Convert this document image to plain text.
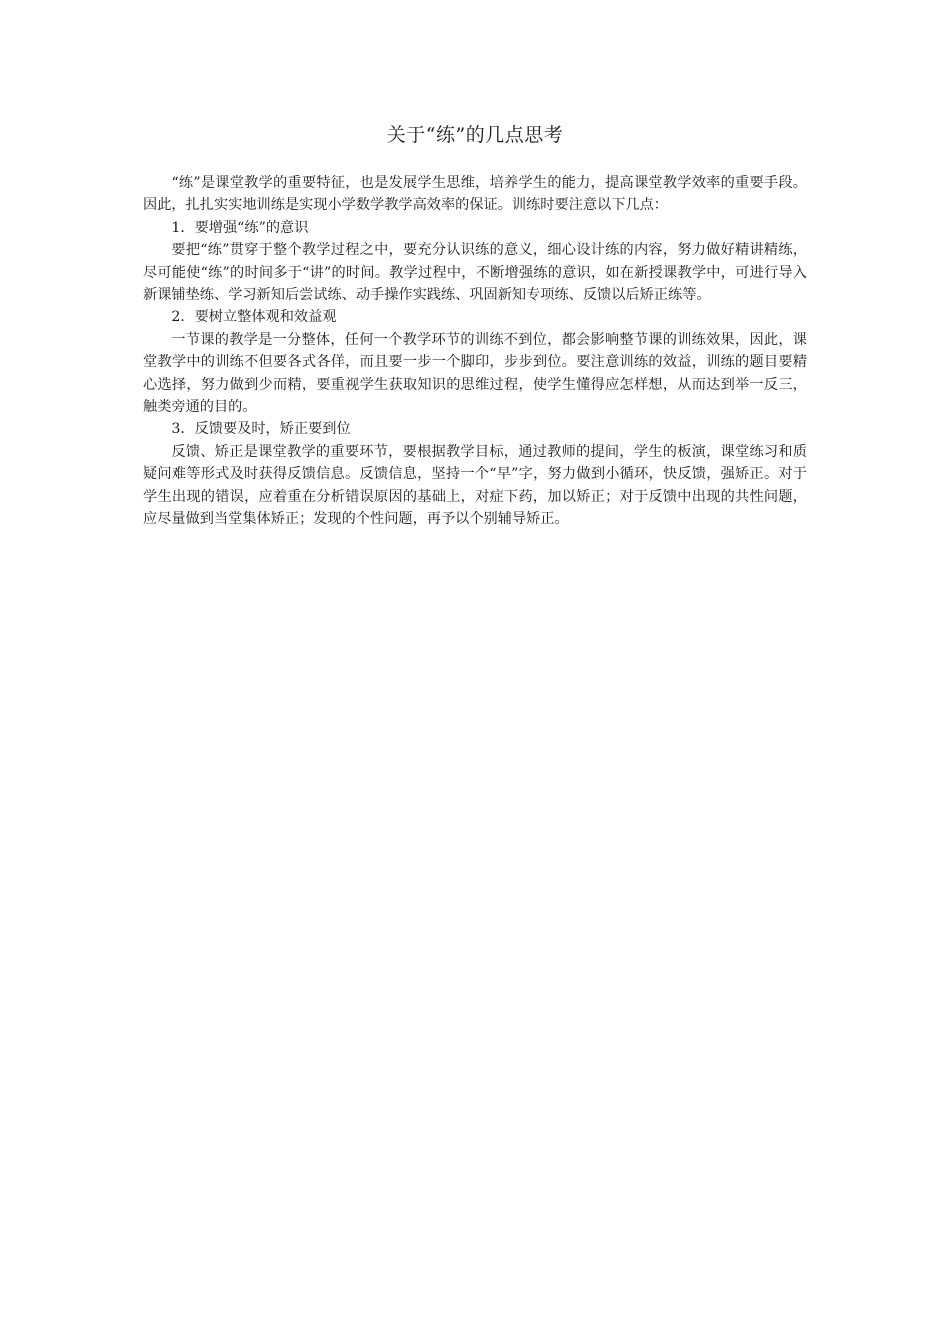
关于“练”的几点思考

“练”是课堂教学的重要特征，也是发展学生思维，培养学生的能力，提高课堂教学效率的重要手段。因此，扎扎实实地训练是实现小学数学教学高效率的保证。训练时要注意以下几点：

1．要增强“练”的意识

要把“练”贯穿于整个教学过程之中，要充分认识练的意义，细心设计练的内容，努力做好精讲精练，尽可能使“练”的时间多于“讲”的时间。教学过程中，不断增强练的意识，如在新授课教学中，可进行导入新课铺垫练、学习新知后尝试练、动手操作实践练、巩固新知专项练、反馈以后矫正练等。

2．要树立整体观和效益观

一节课的教学是一分整体，任何一个教学环节的训练不到位，都会影响整节课的训练效果，因此，课堂教学中的训练不但要各式各佯，而且要一步一个脚印，步步到位。要注意训练的效益，训练的题目要精心选择，努力做到少而精，要重视学生获取知识的思维过程，使学生懂得应怎样想，从而达到举一反三，触类旁通的目的。

3．反馈要及时，矫正要到位

反馈、矫正是课堂教学的重要环节，要根据教学目标，通过教师的提间，学生的板演，课堂练习和质疑问难等形式及时获得反馈信息。反馈信息，坚持一个“早”字，努力做到小循环，快反馈，强矫正。对于学生出现的错误，应着重在分析错误原因的基础上，对症下药，加以矫正；对于反馈中出现的共性问题，应尽量做到当堂集体矫正；发现的个性问题，再予以个别辅导矫正。
